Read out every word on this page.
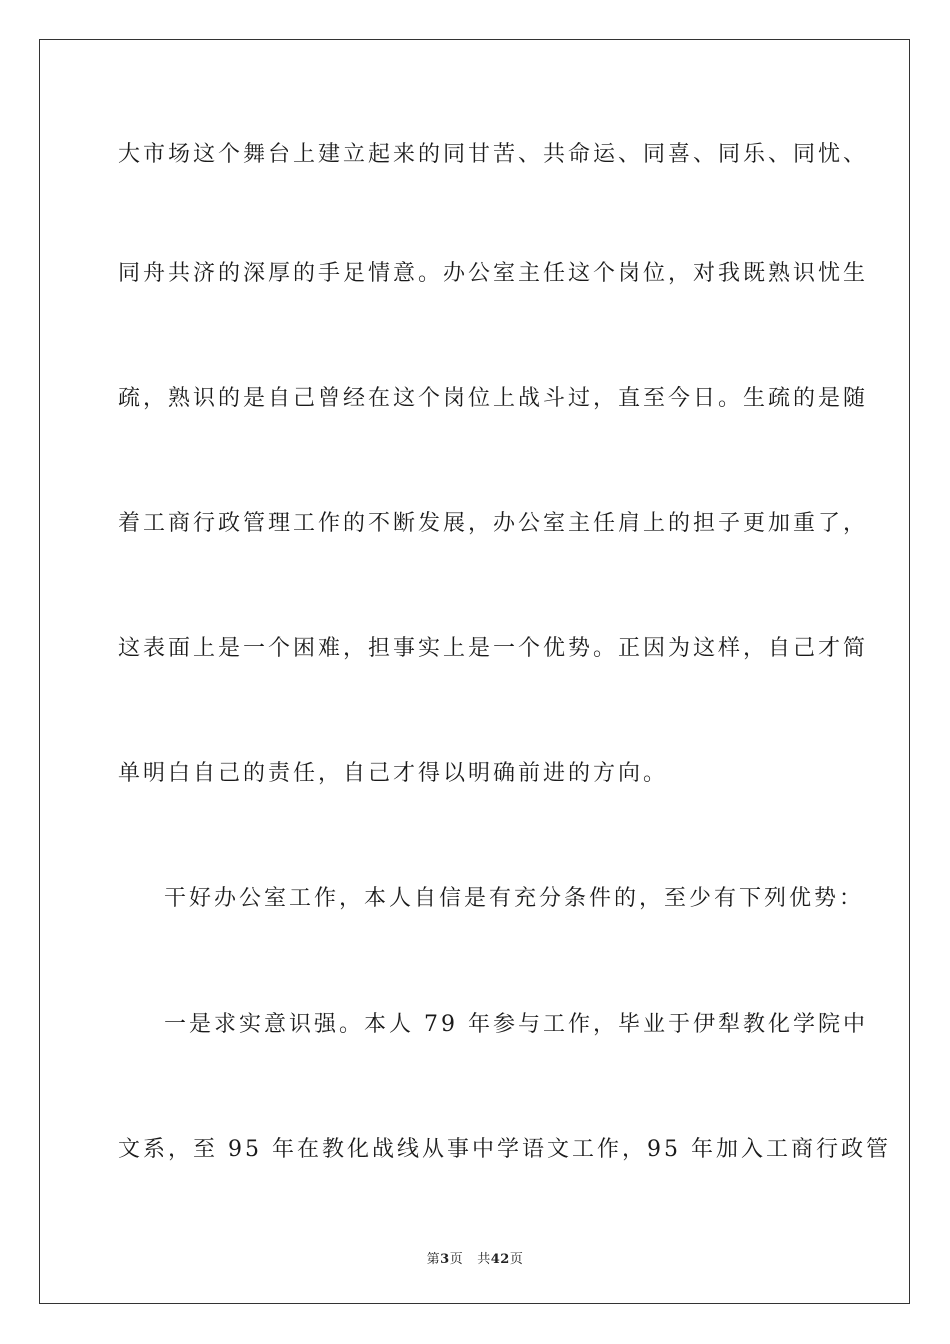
大市场这个舞台上建立起来的同甘苦、共命运、同喜、同乐、同忧、

同舟共济的深厚的手足情意。办公室主任这个岗位，对我既熟识忧生

疏，熟识的是自己曾经在这个岗位上战斗过，直至今日。生疏的是随

着工商行政管理工作的不断发展，办公室主任肩上的担子更加重了，

这表面上是一个困难，担事实上是一个优势。正因为这样，自己才简

单明白自己的责任，自己才得以明确前进的方向。

干好办公室工作，本人自信是有充分条件的，至少有下列优势：

一是求实意识强。本人 79 年参与工作，毕业于伊犁教化学院中

文系，至 95 年在教化战线从事中学语文工作，95 年加入工商行政管

第3页 共42页
